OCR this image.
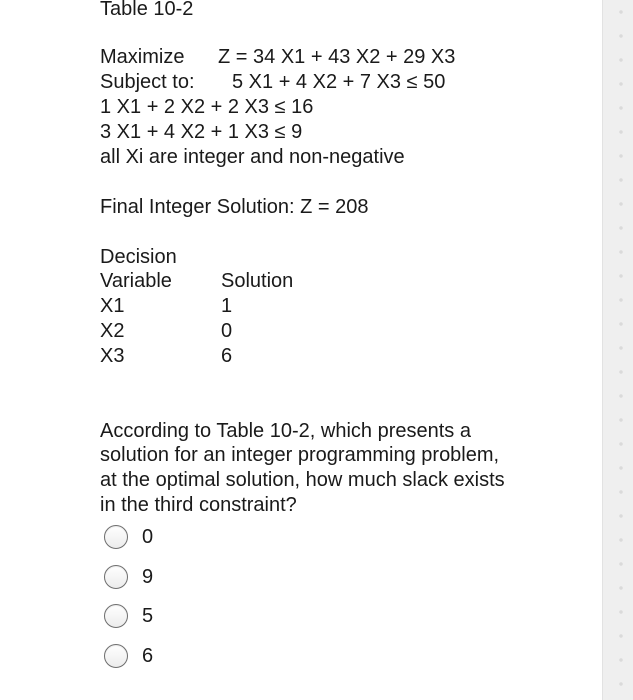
Table 10-2
Maximize Z = 34 X1 + 43 X2 + 29 X3
Subject to: 5 X1 + 4 X2 + 7 X3 ≤ 50
1 X1 + 2 X2 + 2 X3 ≤ 16
3 X1 + 4 X2 + 1 X3 ≤ 9
all Xi are integer and non-negative
Final Integer Solution: Z = 208
Decision
Variable Solution
X1	1
X2	0
X3	6
According to Table 10-2, which presents a
solution for an integer programming problem,
at the optimal solution, how much slack exists
in the third constraint?
0
9
5
6
